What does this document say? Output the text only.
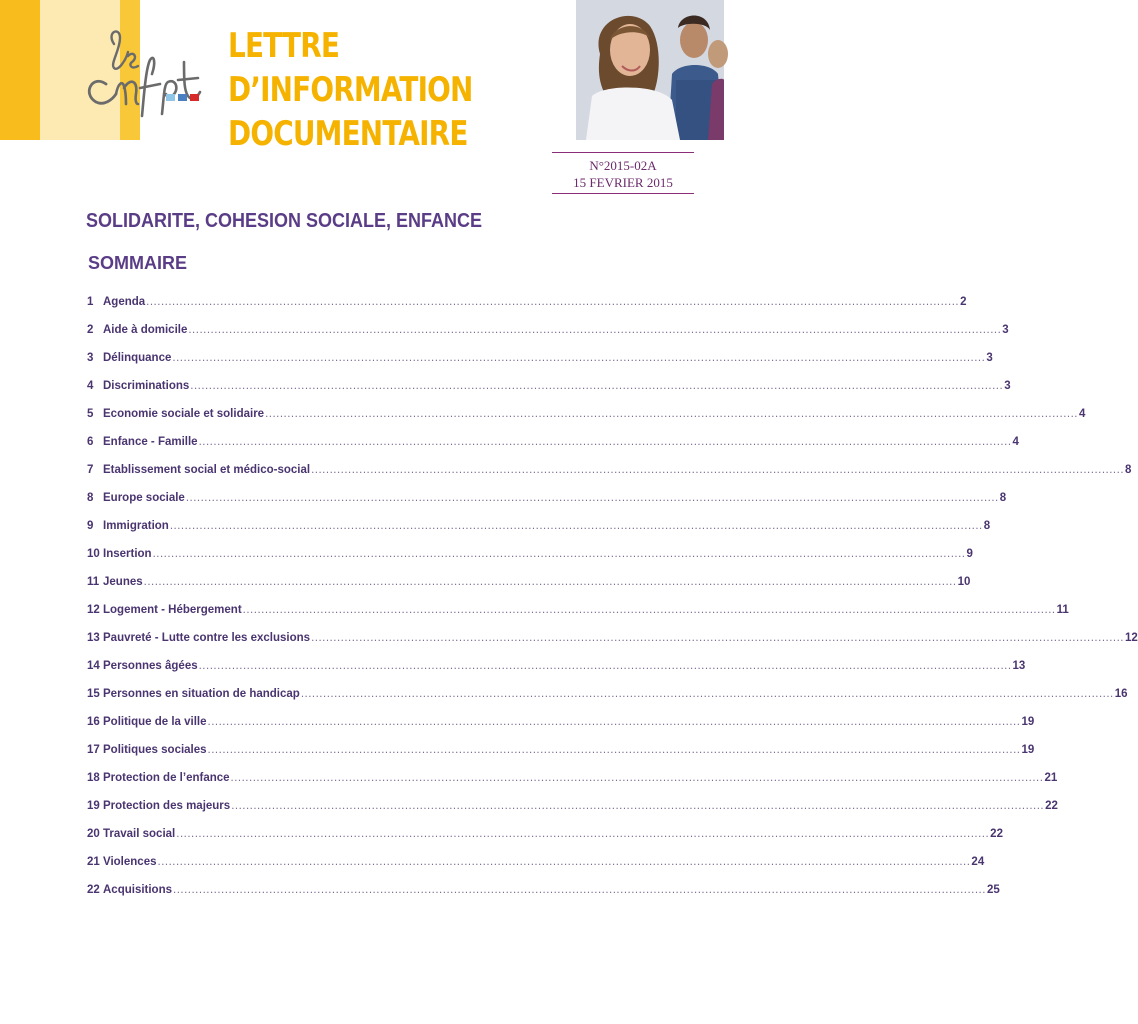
LETTRE D’INFORMATION
DOCUMENTAIRE
N°2015-02A
15 FEVRIER 2015
SOLIDARITE, COHESION SOCIALE, ENFANCE
SOMMAIRE
1 Agenda ............................................................................................................................................................................................................................ 2
2 Aide à domicile ............................................................................................................................................................................................................................ 3
3 Délinquance ............................................................................................................................................................................................................................ 3
4 Discriminations ............................................................................................................................................................................................................................ 3
5 Economie sociale et solidaire ............................................................................................................................................................................................................................ 4
6 Enfance - Famille ............................................................................................................................................................................................................................ 4
7 Etablissement social et médico-social ............................................................................................................................................................................................................................ 8
8 Europe sociale ............................................................................................................................................................................................................................ 8
9 Immigration ............................................................................................................................................................................................................................ 8
10 Insertion ............................................................................................................................................................................................................................ 9
11 Jeunes ............................................................................................................................................................................................................................ 10
12 Logement - Hébergement ............................................................................................................................................................................................................................ 11
13 Pauvreté - Lutte contre les exclusions ............................................................................................................................................................................................................................ 12
14 Personnes âgées ............................................................................................................................................................................................................................ 13
15 Personnes en situation de handicap ............................................................................................................................................................................................................................ 16
16 Politique de la ville ............................................................................................................................................................................................................................ 19
17 Politiques sociales ............................................................................................................................................................................................................................ 19
18 Protection de l’enfance ............................................................................................................................................................................................................................ 21
19 Protection des majeurs ............................................................................................................................................................................................................................ 22
20 Travail social ............................................................................................................................................................................................................................ 22
21 Violences ............................................................................................................................................................................................................................ 24
22 Acquisitions ............................................................................................................................................................................................................................ 25
